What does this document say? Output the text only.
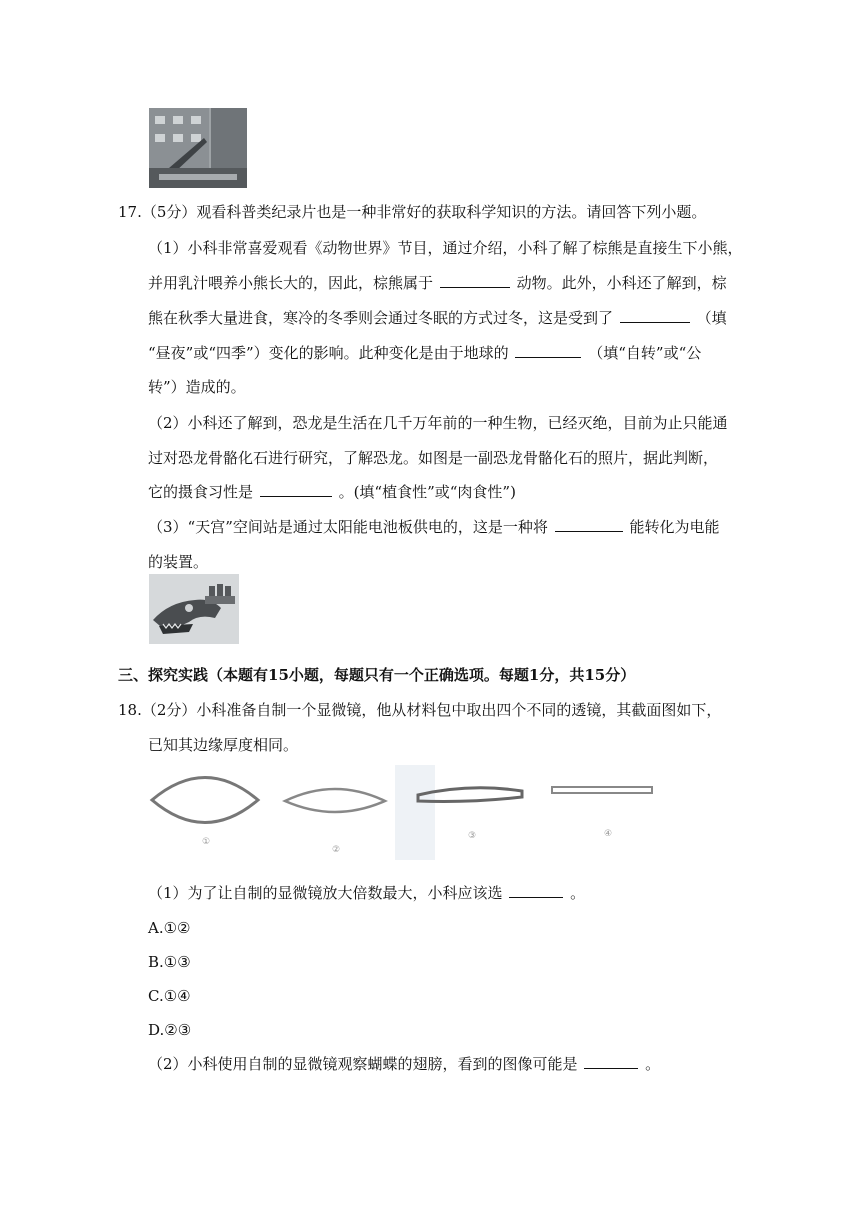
17.（5分）观看科普类纪录片也是一种非常好的获取科学知识的方法。请回答下列小题。
（1）小科非常喜爱观看《动物世界》节目，通过介绍，小科了解了棕熊是直接生下小熊，
并用乳汁喂养小熊长大的，因此，棕熊属于	动物。此外，小科还了解到，棕
熊在秋季大量进食，寒冷的冬季则会通过冬眠的方式过冬，这是受到了	（填
“昼夜”或“四季”）变化的影响。此种变化是由于地球的	（填“自转”或“公
转”）造成的。
（2）小科还了解到，恐龙是生活在几千万年前的一种生物，已经灭绝，目前为止只能通
过对恐龙骨骼化石进行研究，了解恐龙。如图是一副恐龙骨骼化石的照片，据此判断，
它的摄食习性是	。(填“植食性”或“肉食性”)
（3）“天宫”空间站是通过太阳能电池板供电的，这是一种将	能转化为电能
的装置。
三、探究实践（本题有15小题，每题只有一个正确选项。每题1分，共15分）
18.（2分）小科准备自制一个显微镜，他从材料包中取出四个不同的透镜，其截面图如下，
已知其边缘厚度相同。
①
②
③	④
（1）为了让自制的显微镜放大倍数最大，小科应该选	。
A.①②
B.①③
C.①④
D.②③
（2）小科使用自制的显微镜观察蝴蝶的翅膀，看到的图像可能是	。
